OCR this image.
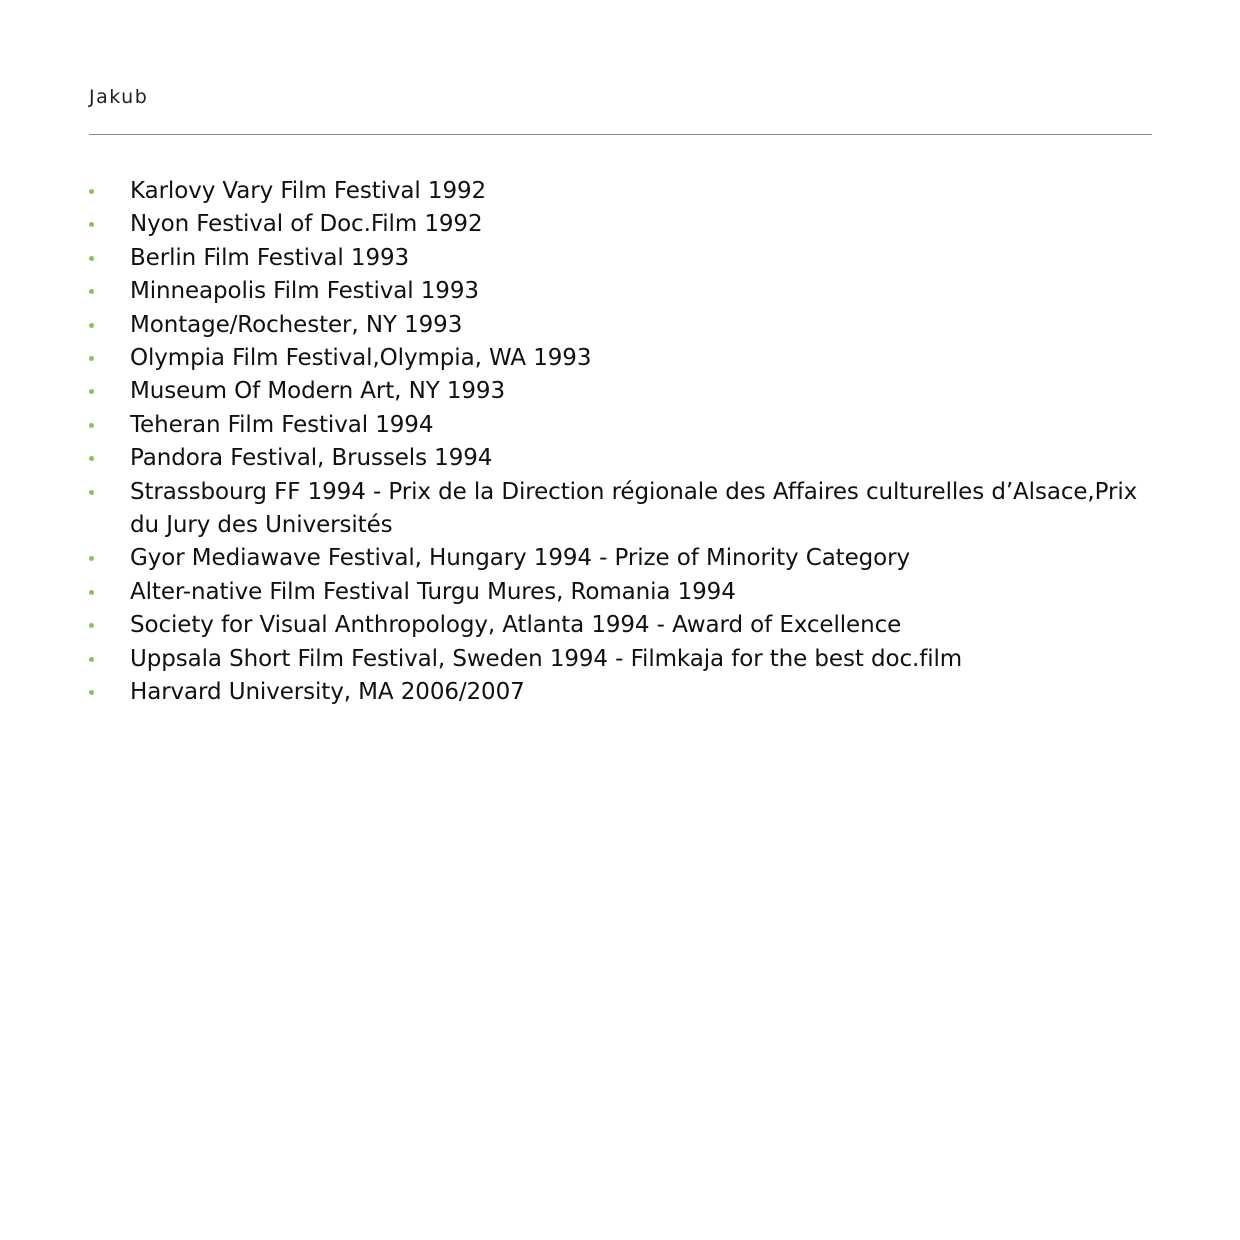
Jakub
Karlovy Vary Film Festival 1992
Nyon Festival of Doc.Film 1992
Berlin Film Festival 1993
Minneapolis Film Festival 1993
Montage/Rochester, NY 1993
Olympia Film Festival,Olympia, WA 1993
Museum Of Modern Art, NY 1993
Teheran Film Festival 1994
Pandora Festival, Brussels 1994
Strassbourg FF 1994 - Prix de la Direction régionale des Affaires culturelles d’Alsace,Prix du Jury des Universités
Gyor Mediawave Festival, Hungary 1994 - Prize of Minority Category
Alter-native Film Festival Turgu Mures, Romania 1994
Society for Visual Anthropology, Atlanta 1994 - Award of Excellence
Uppsala Short Film Festival, Sweden 1994 - Filmkaja for the best doc.film
Harvard University, MA 2006/2007
